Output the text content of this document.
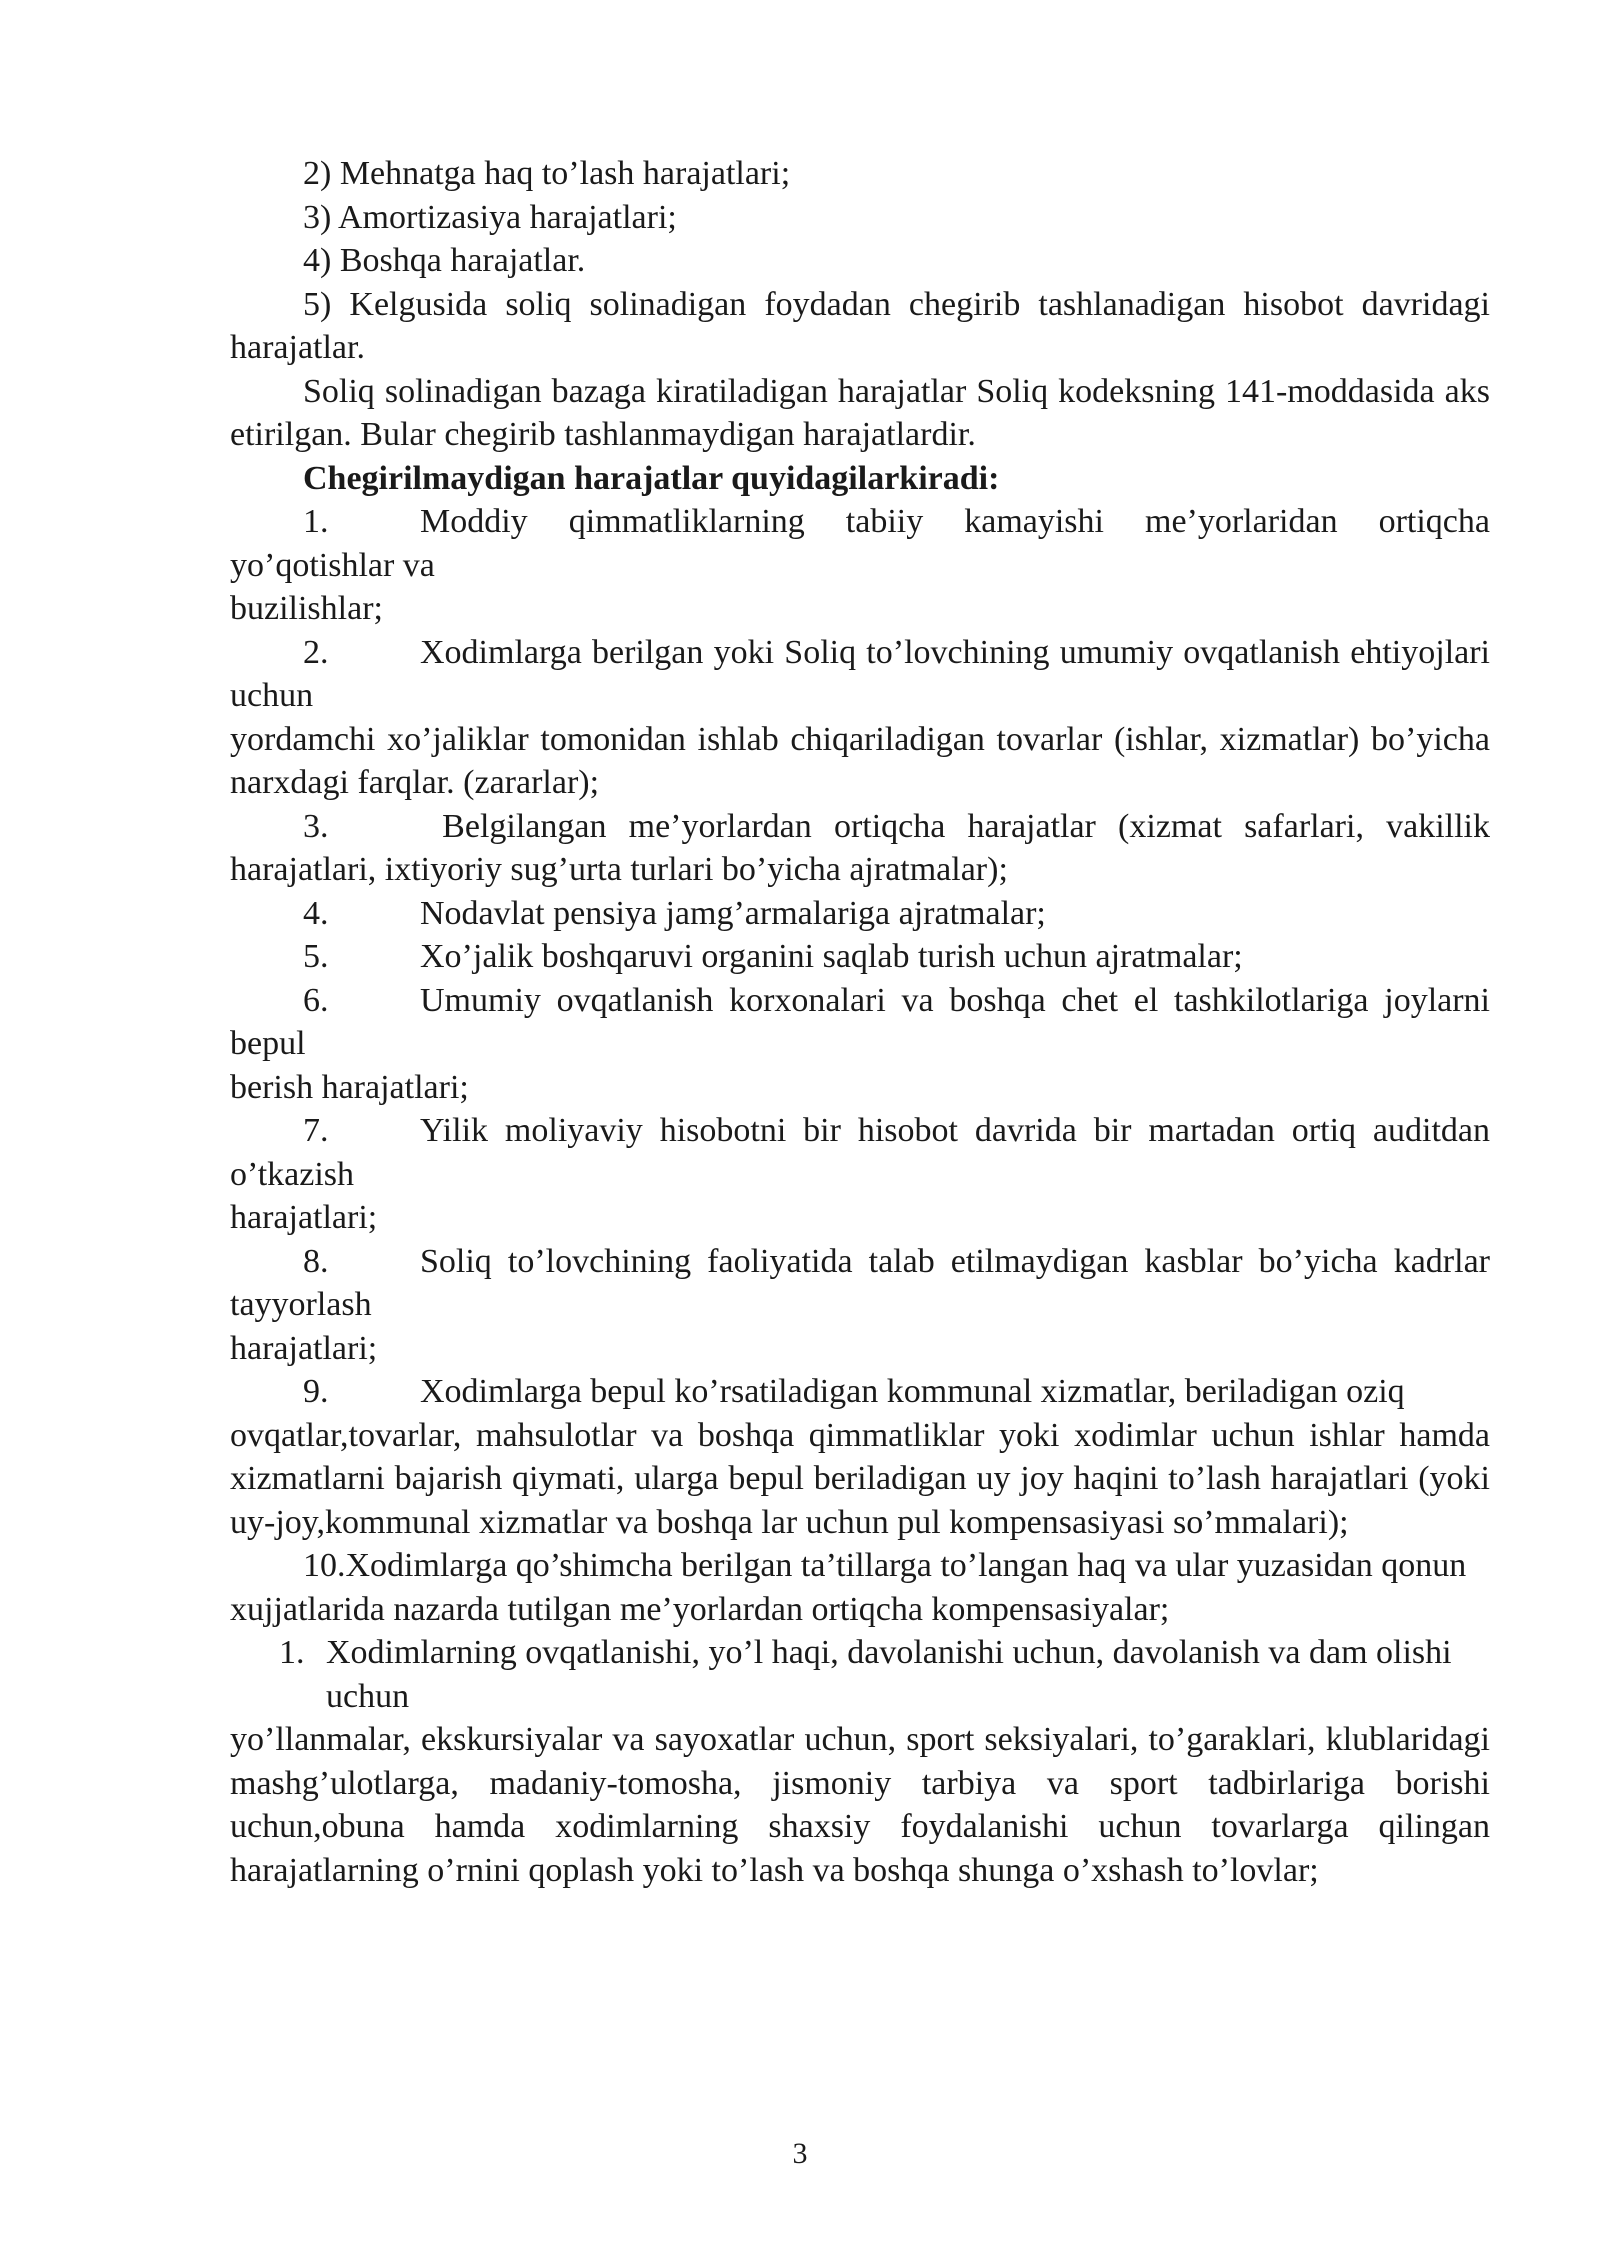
2) Mehnatga haq to’lash harajatlari;

3) Amortizasiya harajatlari;

4) Boshqa harajatlar.

5) Kelgusida soliq solinadigan foydadan chegirib tashlanadigan hisobot davridagi harajatlar.

Soliq solinadigan bazaga kiratiladigan harajatlar Soliq kodeksning 141-moddasida aks etirilgan. Bular chegirib tashlanmaydigan harajatlardir.

Chegirilmaydigan harajatlar quyidagilarkiradi:

1.	Moddiy qimmatliklarning tabiiy kamayishi me’yorlaridan ortiqcha yo’qotishlar va

buzilishlar;

2.	Xodimlarga berilgan yoki Soliq to’lovchining umumiy ovqatlanish ehtiyojlari uchun

yordamchi xo’jaliklar tomonidan ishlab chiqariladigan tovarlar (ishlar, xizmatlar) bo’yicha narxdagi farqlar. (zararlar);

3.	Belgilangan me’yorlardan ortiqcha harajatlar (xizmat safarlari, vakillik harajatlari, ixtiyoriy sug’urta turlari bo’yicha ajratmalar);

4.	Nodavlat pensiya jamg’armalariga ajratmalar;

5.	Xo’jalik boshqaruvi organini saqlab turish uchun ajratmalar;

6.	Umumiy ovqatlanish korxonalari va boshqa chet el tashkilotlariga joylarni bepul

berish harajatlari;

7.	Yilik moliyaviy hisobotni bir hisobot davrida bir martadan ortiq auditdan o’tkazish

harajatlari;

8.	Soliq to’lovchining faoliyatida talab etilmaydigan kasblar bo’yicha kadrlar tayyorlash

harajatlari;

9.	Xodimlarga bepul ko’rsatiladigan kommunal xizmatlar, beriladigan oziq

ovqatlar,tovarlar, mahsulotlar va boshqa qimmatliklar yoki xodimlar uchun ishlar hamda xizmatlarni bajarish qiymati, ularga bepul beriladigan uy joy haqini to’lash harajatlari (yoki uy-joy,kommunal xizmatlar va boshqa lar uchun pul kompensasiyasi so’mmalari);

10.Xodimlarga qo’shimcha berilgan ta’tillarga to’langan haq va ular yuzasidan qonun

xujjatlarida nazarda tutilgan me’yorlardan ortiqcha kompensasiyalar;

1. Xodimlarning ovqatlanishi, yo’l haqi, davolanishi uchun, davolanish va dam olishi uchun

yo’llanmalar, ekskursiyalar va sayoxatlar uchun, sport seksiyalari, to’garaklari, klublaridagi mashg’ulotlarga, madaniy-tomosha, jismoniy tarbiya va sport tadbirlariga borishi uchun,obuna hamda xodimlarning shaxsiy foydalanishi uchun tovarlarga qilingan harajatlarning o’rnini qoplash yoki to’lash va boshqa shunga o’xshash to’lovlar;

3
